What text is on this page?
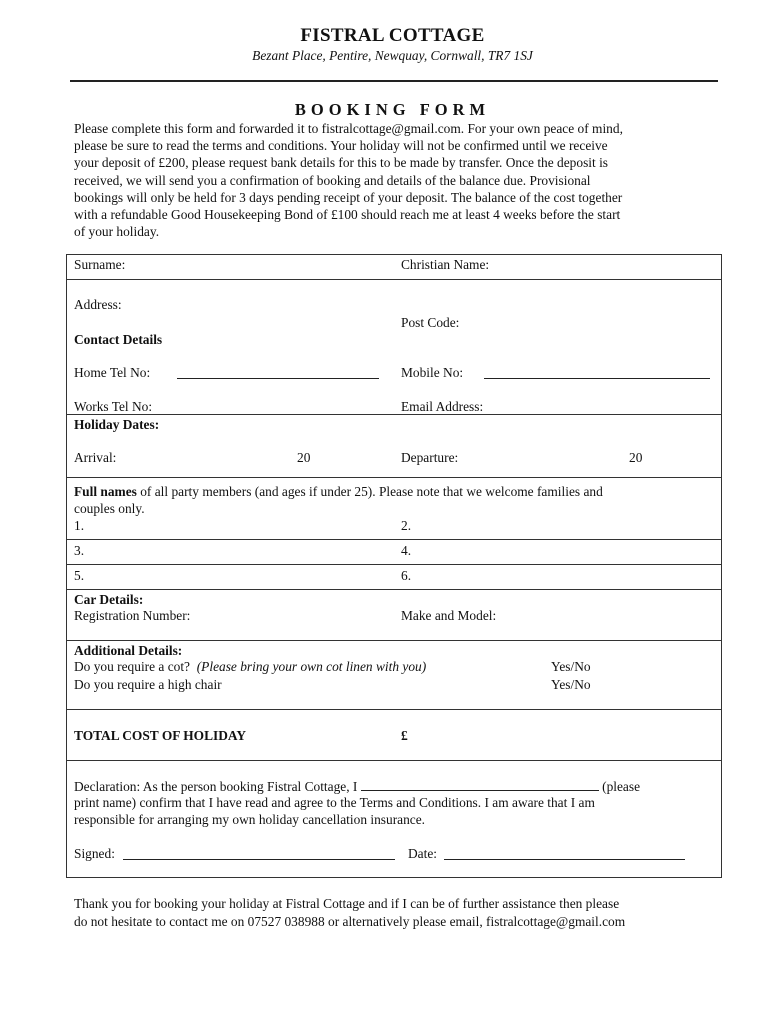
FISTRAL COTTAGE
Bezant Place, Pentire, Newquay, Cornwall, TR7 1SJ
BOOKING FORM
Please complete this form and forwarded it to fistralcottage@gmail.com. For your own peace of mind,
please be sure to read the terms and conditions. Your holiday will not be confirmed until we receive
your deposit of £200, please request bank details for this to be made by transfer. Once the deposit is
received, we will send you a confirmation of booking and details of the balance due. Provisional
bookings will only be held for 3 days pending receipt of your deposit. The balance of the cost together
with a refundable Good Housekeeping Bond of £100 should reach me at least 4 weeks before the start
of your holiday.
Surname:	Christian Name:
Address:
Post Code:
Contact Details
Home Tel No:	Mobile No:
Works Tel No:	Email Address:
Holiday Dates:
Arrival:	20	Departure:	20
Full names of all party members (and ages if under 25). Please note that we welcome families and
couples only.
1.	2.
3.	4.
5.	6.
Car Details:
Registration Number:	Make and Model:
Additional Details:
Do you require a cot? (Please bring your own cot linen with you)	Yes/No
Do you require a high chair	Yes/No
TOTAL COST OF HOLIDAY	£
Declaration: As the person booking Fistral Cottage, I	(please
print name) confirm that I have read and agree to the Terms and Conditions. I am aware that I am
responsible for arranging my own holiday cancellation insurance.
Signed:	Date:
Thank you for booking your holiday at Fistral Cottage and if I can be of further assistance then please
do not hesitate to contact me on 07527 038988 or alternatively please email, fistralcottage@gmail.com
